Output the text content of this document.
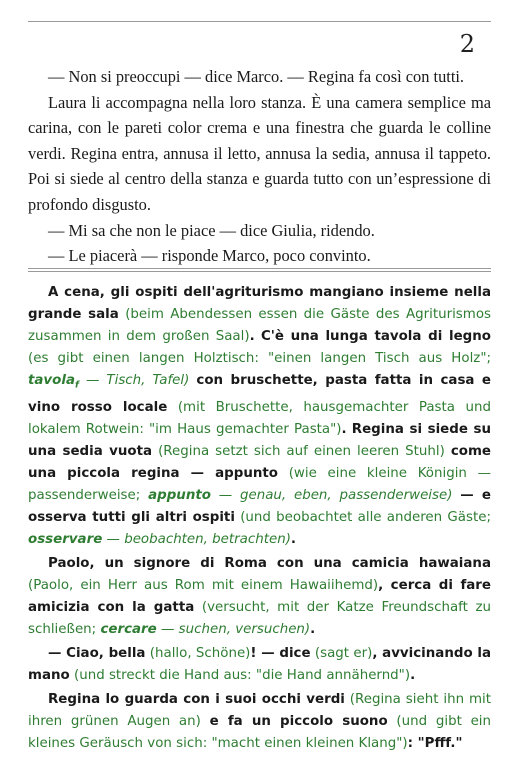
2

— Non si preoccupi — dice Marco. — Regina fa così con tutti.

Laura li accompagna nella loro stanza. È una camera semplice ma carina, con le pareti color crema e una finestra che guarda le colline verdi. Regina entra, annusa il letto, annusa la sedia, annusa il tappeto. Poi si siede al centro della stanza e guarda tutto con un’espressione di profondo disgusto.

— Mi sa che non le piace — dice Giulia, ridendo.

— Le piacerà — risponde Marco, poco convinto.

A cena, gli ospiti dell'agriturismo mangiano insieme nella grande sala (beim Abendessen essen die Gäste des Agriturismos zusammen in dem großen Saal). C'è una lunga tavola di legno (es gibt einen langen Holztisch: "einen langen Tisch aus Holz"; tavola$_f$ — Tisch, Tafel) con bruschette, pasta fatta in casa e vino rosso locale (mit Bruschette, hausgemachter Pasta und lokalem Rotwein: "im Haus gemachter Pasta"). Regina si siede su una sedia vuota (Regina setzt sich auf einen leeren Stuhl) come una piccola regina — appunto (wie eine kleine Königin — passenderweise; appunto — genau, eben, passenderweise) — e osserva tutti gli altri ospiti (und beobachtet alle anderen Gäste; osservare — beobachten, betrachten).

Paolo, un signore di Roma con una camicia hawaiana (Paolo, ein Herr aus Rom mit einem Hawaiihemd), cerca di fare amicizia con la gatta (versucht, mit der Katze Freundschaft zu schließen; cercare — suchen, versuchen).

— Ciao, bella (hallo, Schöne)! — dice (sagt er), avvicinando la mano (und streckt die Hand aus: "die Hand annähernd").

Regina lo guarda con i suoi occhi verdi (Regina sieht ihn mit ihren grünen Augen an) e fa un piccolo suono (und gibt ein kleines Geräusch von sich: "macht einen kleinen Klang"): "Pfff."
